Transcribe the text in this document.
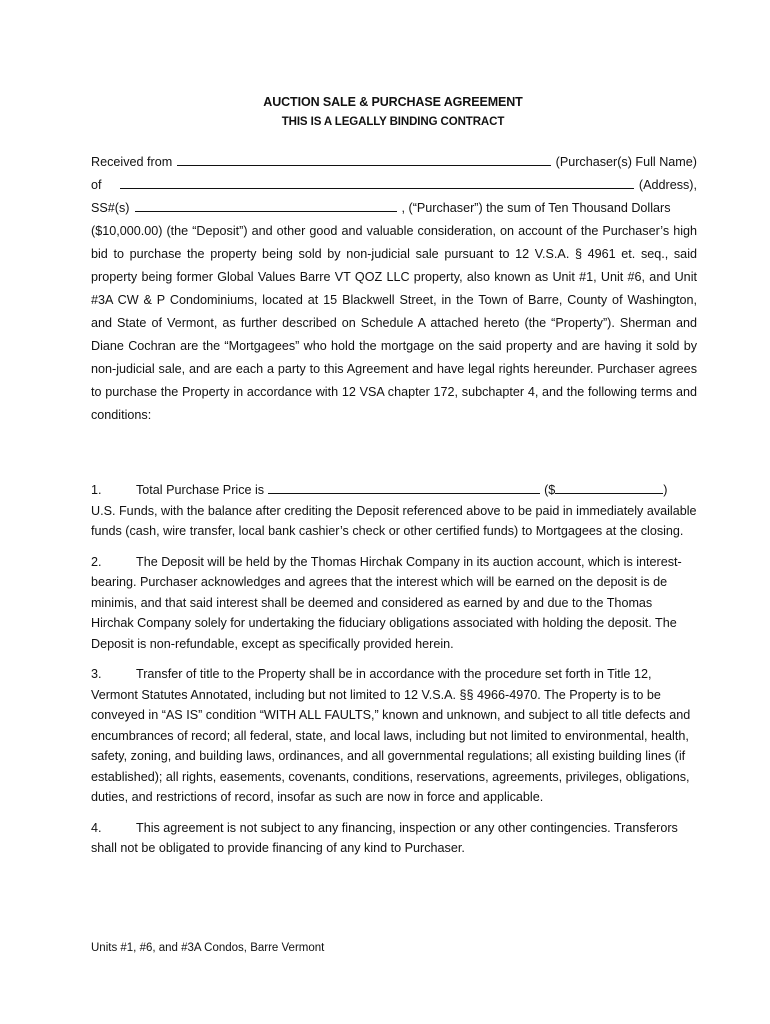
AUCTION SALE & PURCHASE AGREEMENT
THIS IS A LEGALLY BINDING CONTRACT
Received from	(Purchaser(s) Full Name)
of	(Address),
SS#(s)	, (“Purchaser”) the sum of Ten Thousand Dollars
($10,000.00) (the “Deposit”) and other good and valuable consideration, on account of the Purchaser’s high bid to purchase the property being sold by non-judicial sale pursuant to 12 V.S.A. § 4961 et. seq., said property being former Global Values Barre VT QOZ LLC property, also known as Unit #1, Unit #6, and Unit #3A CW & P Condominiums, located at 15 Blackwell Street, in the Town of Barre, County of Washington, and State of Vermont, as further described on Schedule A attached hereto (the “Property”). Sherman and Diane Cochran are the “Mortgagees” who hold the mortgage on the said property and are having it sold by non-judicial sale, and are each a party to this Agreement and have legal rights hereunder. Purchaser agrees to purchase the Property in accordance with 12 VSA chapter 172, subchapter 4, and the following terms and conditions:
1.	Total Purchase Price is	($	)
U.S. Funds, with the balance after crediting the Deposit referenced above to be paid in immediately available funds (cash, wire transfer, local bank cashier’s check or other certified funds) to Mortgagees at the closing.
2.	The Deposit will be held by the Thomas Hirchak Company in its auction account, which is interest-bearing. Purchaser acknowledges and agrees that the interest which will be earned on the deposit is de minimis, and that said interest shall be deemed and considered as earned by and due to the Thomas Hirchak Company solely for undertaking the fiduciary obligations associated with holding the deposit. The Deposit is non-refundable, except as specifically provided herein.
3.	Transfer of title to the Property shall be in accordance with the procedure set forth in Title 12, Vermont Statutes Annotated, including but not limited to 12 V.S.A. §§ 4966-4970. The Property is to be conveyed in “AS IS” condition “WITH ALL FAULTS,” known and unknown, and subject to all title defects and encumbrances of record; all federal, state, and local laws, including but not limited to environmental, health, safety, zoning, and building laws, ordinances, and all governmental regulations; all existing building lines (if established); all rights, easements, covenants, conditions, reservations, agreements, privileges, obligations, duties, and restrictions of record, insofar as such are now in force and applicable.
4.	This agreement is not subject to any financing, inspection or any other contingencies. Transferors shall not be obligated to provide financing of any kind to Purchaser.
Units #1, #6, and #3A Condos, Barre Vermont
